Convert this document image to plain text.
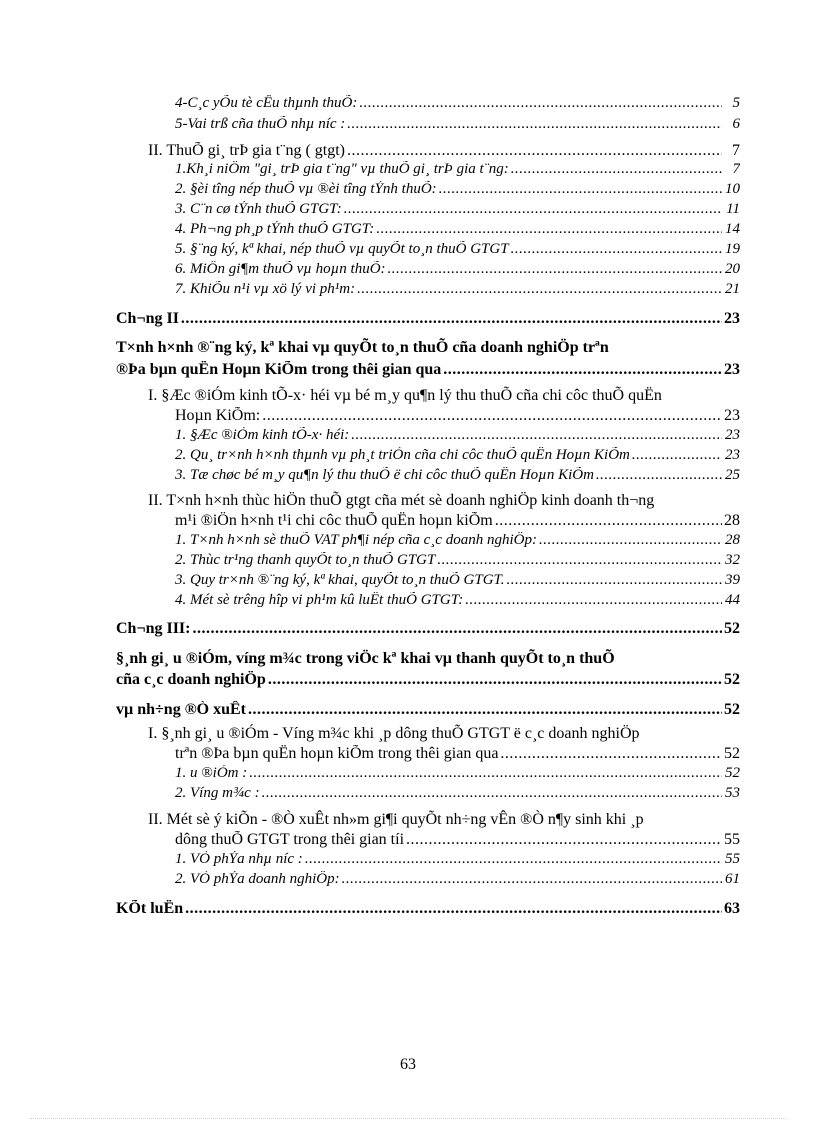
4-C¸c yÕu tè cÊu thµnh thuÕ: .....	5
5-Vai trß cña thuÕ nhµ níc : .....	6
II. ThuÕ gi¸ trÞ gia t¨ng ( gtgt) .....	7
1.Kh¸i niÖm "gi¸ trÞ gia t¨ng" vµ thuÕ gi¸ trÞ gia t¨ng: .....	7
2. §èi tîng nép thuÕ vµ ®èi tîng tÝnh thuÕ: .....	10
3. C¨n cø tÝnh thuÕ GTGT: .....	11
4. Ph¬ng ph¸p tÝnh thuÕ GTGT: .....	14
5. §¨ng ký, kª khai, nép thuÕ vµ quyÕt to¸n thuÕ GTGT .....	19
6. MiÔn gi¶m thuÕ vµ hoµn thuÕ: .....	20
7. KhiÕu n¹i vµ xö lý vi ph¹m: .....	21
Ch¬ng II .....	23
T×nh h×nh ®¨ng ký, kª khai vµ quyÕt to¸n thuÕ cña doanh nghiÖp trªn
®Þa bµn quËn Hoµn KiÕm trong thêi gian qua .....	23
I. §Æc ®iÓm kinh tÕ-x· héi vµ bé m¸y qu¶n lý thu thuÕ cña chi côc thuÕ quËn
Hoµn KiÕm: .....	23
1. §Æc ®iÓm kinh tÕ-x· héi: .....	23
2. Qu¸ tr×nh h×nh thµnh vµ ph¸t triÓn cña chi côc thuÕ quËn Hoµn KiÕm .....	23
3. Tæ chøc bé m¸y qu¶n lý thu thuÕ ë chi côc thuÕ quËn Hoµn KiÕm .....	25
II. T×nh h×nh thùc hiÖn thuÕ gtgt cña mét sè doanh nghiÖp kinh doanh th¬ng
m¹i ®iÖn h×nh t¹i chi côc thuÕ quËn hoµn kiÕm .....	28
1. T×nh h×nh sè thuÕ VAT ph¶i nép cña c¸c doanh nghiÖp: .....	28
2. Thùc tr¹ng thanh quyÕt to¸n thuÕ GTGT .....	32
3. Quy tr×nh ®¨ng ký, kª khai, quyÕt to¸n thuÕ GTGT. .....	39
4. Mét sè trêng hîp vi ph¹m kû luËt thuÕ GTGT: .....	44
Ch¬ng III: .....	52
§¸nh gi¸ u ®iÓm, víng m¾c trong viÖc kª khai vµ thanh quyÕt to¸n thuÕ
cña c¸c doanh nghiÖp .....	52
vµ nh÷ng ®Ò xuÊt .....	52
I. §¸nh gi¸ u ®iÓm - Víng m¾c khi ¸p dông thuÕ GTGT ë c¸c doanh nghiÖp
trªn ®Þa bµn quËn hoµn kiÕm trong thêi gian qua .....	52
1. u ®iÓm : .....	52
2. Víng m¾c : .....	53
II. Mét sè ý kiÕn - ®Ò xuÊt nh»m gi¶i quyÕt nh÷ng vÊn ®Ò n¶y sinh khi ¸p
dông thuÕ GTGT trong thêi gian tíi .....	55
1. VÒ phÝa nhµ níc : .....	55
2. VÒ phÝa doanh nghiÖp: .....	61
KÕt luËn .....	63
63
